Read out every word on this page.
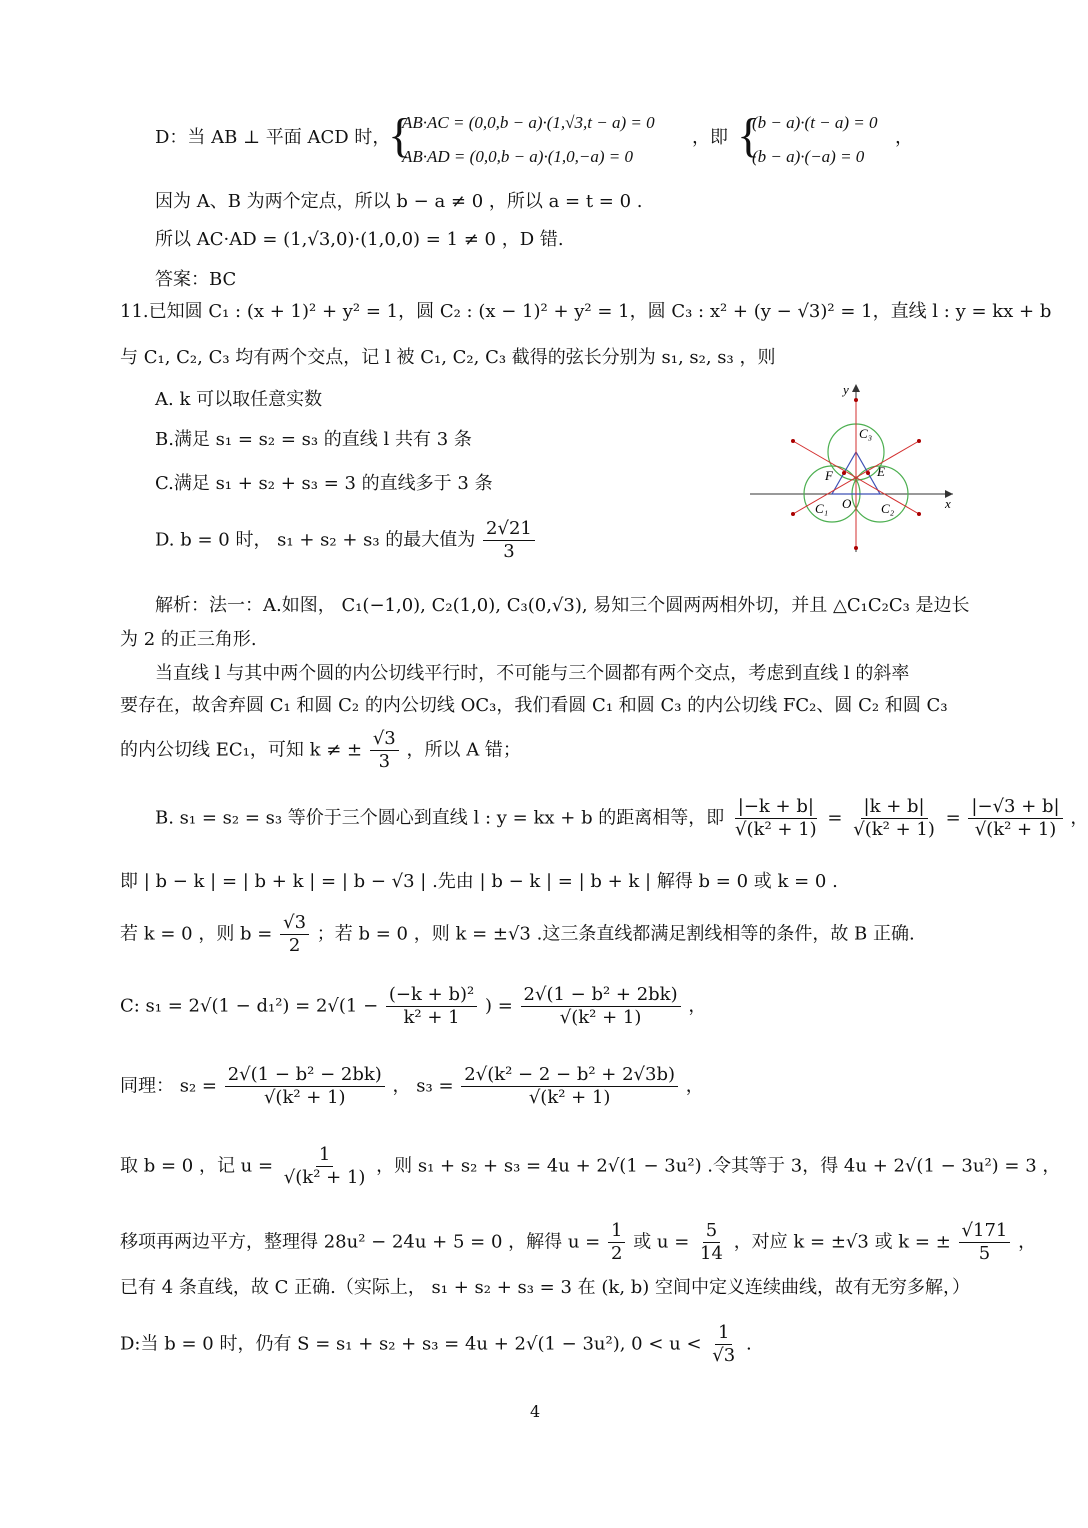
D：当 AB ⊥ 平面 ACD 时，
{
AB·AC = (0,0,b − a)·(1,√3,t − a) = 0
AB·AD = (0,0,b − a)·(1,0,−a) = 0
，即 {
(b − a)·(t − a) = 0
(b − a)·(−a) = 0
，
因为 A、B 为两个定点，所以 b − a ≠ 0 ，所以 a = t = 0 .
所以 AC·AD = (1,√3,0)·(1,0,0) = 1 ≠ 0 ，D 错.
答案：BC
11.已知圆 C₁ : (x + 1)² + y² = 1，圆 C₂ : (x − 1)² + y² = 1，圆 C₃ : x² + (y − √3)² = 1，直线 l : y = kx + b
与 C₁, C₂, C₃ 均有两个交点，记 l 被 C₁, C₂, C₃ 截得的弦长分别为 s₁, s₂, s₃ ，则
A. k 可以取任意实数
B.满足 s₁ = s₂ = s₃ 的直线 l 共有 3 条
C.满足 s₁ + s₂ + s₃ = 3 的直线多于 3 条
D. b = 0 时， s₁ + s₂ + s₃ 的最大值为 $\frac{2√21}{3}$
y
x
C₃
C₁	C₂
F	E
O
解析：法一：A.如图， C₁(−1,0), C₂(1,0), C₃(0,√3), 易知三个圆两两相外切，并且 △C₁C₂C₃ 是边长
为 2 的正三角形.
当直线 l 与其中两个圆的内公切线平行时，不可能与三个圆都有两个交点，考虑到直线 l 的斜率
要存在，故舍弃圆 C₁ 和圆 C₂ 的内公切线 OC₃，我们看圆 C₁ 和圆 C₃ 的内公切线 FC₂、圆 C₂ 和圆 C₃
的内公切线 EC₁，可知 k ≠ ± $\frac{√3}{3}$ ，所以 A 错；
B. s₁ = s₂ = s₃ 等价于三个圆心到直线 l : y = kx + b 的距离相等，即 $\frac{|-k + b|}{\text{√(k² + 1)}} = \frac{|k + b|}{\text{√(k² + 1)}} = \frac{|-√3 + b|}{\text{√(k² + 1)}}$ ，
即 | b − k | = | b + k | = | b − √3 | .先由 | b − k | = | b + k | 解得 b = 0 或 k = 0 .
若 k = 0 ，则 $b = \frac{√3}{2}$ ；若 b = 0 ，则 k = ±√3 .这三条直线都满足割线相等的条件，故 B 正确.
C: $s_1 = 2√(1 - d_1^2) = 2√(1 - \frac{\text{(−k + b)²}}{\text{k² + 1}}$ ) = $\frac{\text{2√(1 − b² + 2bk)}}{\text{√(k² + 1)}}$ ，
同理： $s_2 = \frac{\text{2√(1 − b² − 2bk)}}{\text{√(k² + 1)}}$ ， $s_3 = \frac{\text{2√(k² − 2 − b² + 2√3b)}}{\text{√(k² + 1)}}$ ，
取 b = 0 ，记 $u = \frac{1}{\text{√(k² + 1)}}$ ，则 s₁ + s₂ + s₃ = 4u + 2√(1 − 3u²) .令其等于 3，得 4u + 2√(1 − 3u²) = 3 ，
移项再两边平方，整理得 28u² − 24u + 5 = 0 ，解得 $u = \frac{1}{2}$ 或 $u = \frac{5}{14}$ ，对应 k = ±√3 或 k = ± $\frac{√171}{5}$ ，
已有 4 条直线，故 C 正确.（实际上， s₁ + s₂ + s₃ = 3 在 (k, b) 空间中定义连续曲线，故有无穷多解，）
D:当 b = 0 时，仍有 S = s₁ + s₂ + s₃ = 4u + 2√(1 − 3u²), $0 < u < \frac{1}{√3}$ .
4
